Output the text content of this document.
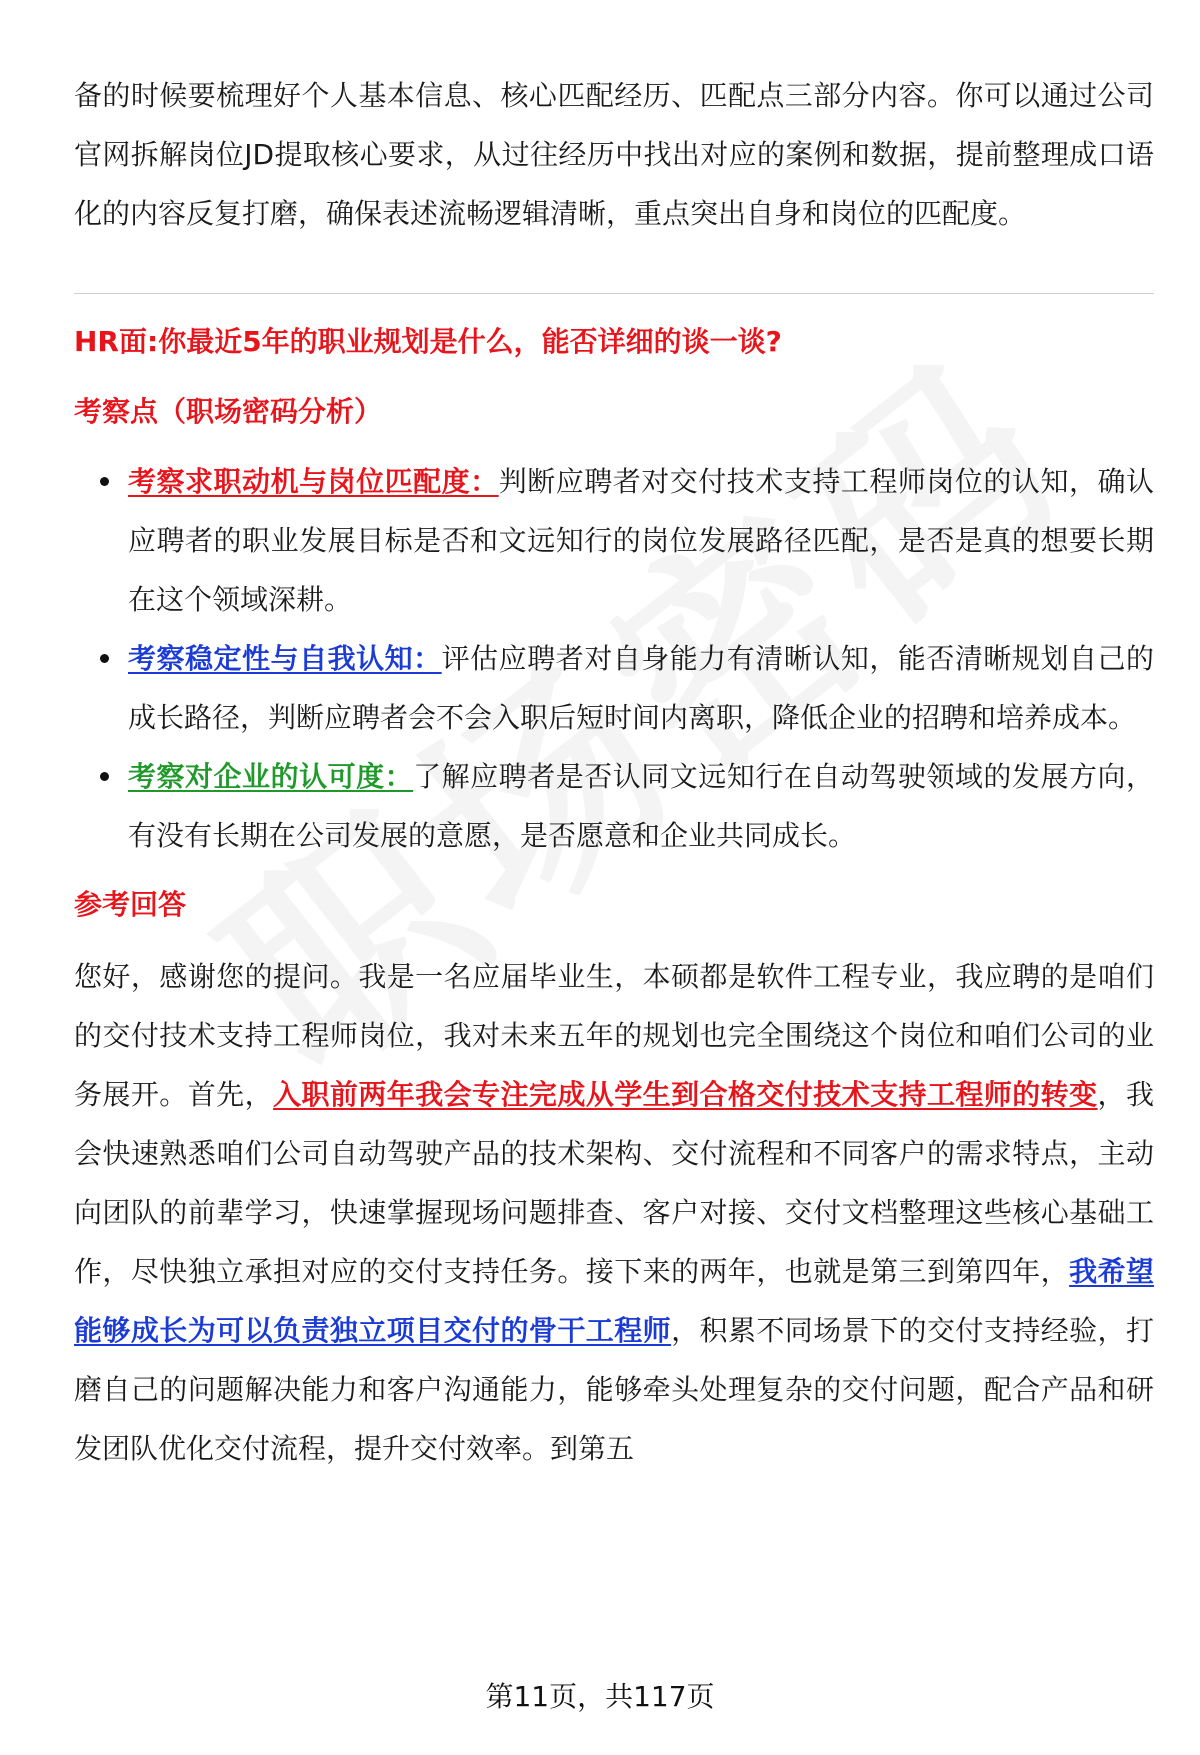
备的时候要梳理好个人基本信息、核心匹配经历、匹配点三部分内容。你可以通过公司官网拆解岗位JD提取核心要求，从过往经历中找出对应的案例和数据，提前整理成口语化的内容反复打磨，确保表述流畅逻辑清晰，重点突出自身和岗位的匹配度。

HR面:你最近5年的职业规划是什么，能否详细的谈一谈?
考察点（职场密码分析）
考察求职动机与岗位匹配度：判断应聘者对交付技术支持工程师岗位的认知，确认应聘者的职业发展目标是否和文远知行的岗位发展路径匹配，是否是真的想要长期在这个领域深耕。
考察稳定性与自我认知：评估应聘者对自身能力有清晰认知，能否清晰规划自己的成长路径，判断应聘者会不会入职后短时间内离职，降低企业的招聘和培养成本。
考察对企业的认可度：了解应聘者是否认同文远知行在自动驾驶领域的发展方向，有没有长期在公司发展的意愿，是否愿意和企业共同成长。
参考回答

您好，感谢您的提问。我是一名应届毕业生，本硕都是软件工程专业，我应聘的是咱们的交付技术支持工程师岗位，我对未来五年的规划也完全围绕这个岗位和咱们公司的业务展开。首先，入职前两年我会专注完成从学生到合格交付技术支持工程师的转变，我会快速熟悉咱们公司自动驾驶产品的技术架构、交付流程和不同客户的需求特点，主动向团队的前辈学习，快速掌握现场问题排查、客户对接、交付文档整理这些核心基础工作，尽快独立承担对应的交付支持任务。接下来的两年，也就是第三到第四年，我希望能够成长为可以负责独立项目交付的骨干工程师，积累不同场景下的交付支持经验，打磨自己的问题解决能力和客户沟通能力，能够牵头处理复杂的交付问题，配合产品和研发团队优化交付流程，提升交付效率。到第五

第11页，共117页
